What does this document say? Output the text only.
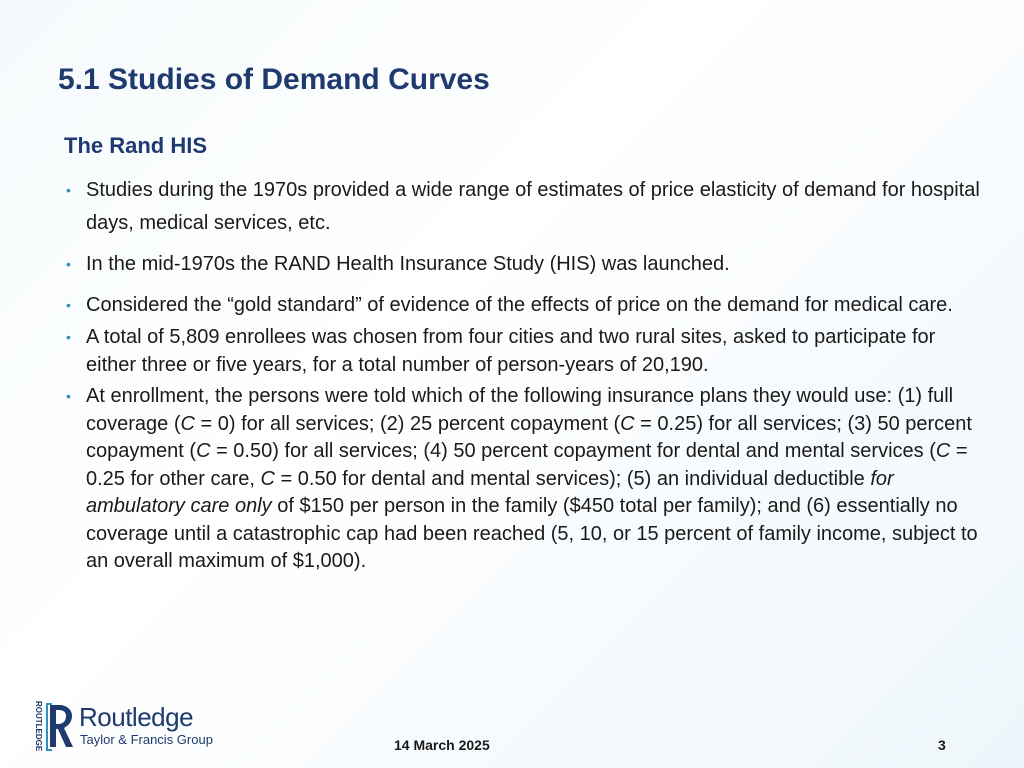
5.1 Studies of Demand Curves
The Rand HIS
• Studies during the 1970s provided a wide range of estimates of price elasticity of demand for hospital days, medical services, etc.
• In the mid-1970s the RAND Health Insurance Study (HIS) was launched.
• Considered the “gold standard” of evidence of the effects of price on the demand for medical care.
• A total of 5,809 enrollees was chosen from four cities and two rural sites, asked to participate for either three or five years, for a total number of person-years of 20,190.
• At enrollment, the persons were told which of the following insurance plans they would use: (1) full coverage (C = 0) for all services; (2) 25 percent copayment (C = 0.25) for all services; (3) 50 percent copayment (C = 0.50) for all services; (4) 50 percent copayment for dental and mental services (C = 0.25 for other care, C = 0.50 for dental and mental services); (5) an individual deductible for ambulatory care only of $150 per person in the family ($450 total per family); and (6) essentially no coverage until a catastrophic cap had been reached (5, 10, or 15 percent of family income, subject to an overall maximum of $1,000).
ROUTLEDGE Routledge
Taylor & Francis Group	14 March 2025	3
